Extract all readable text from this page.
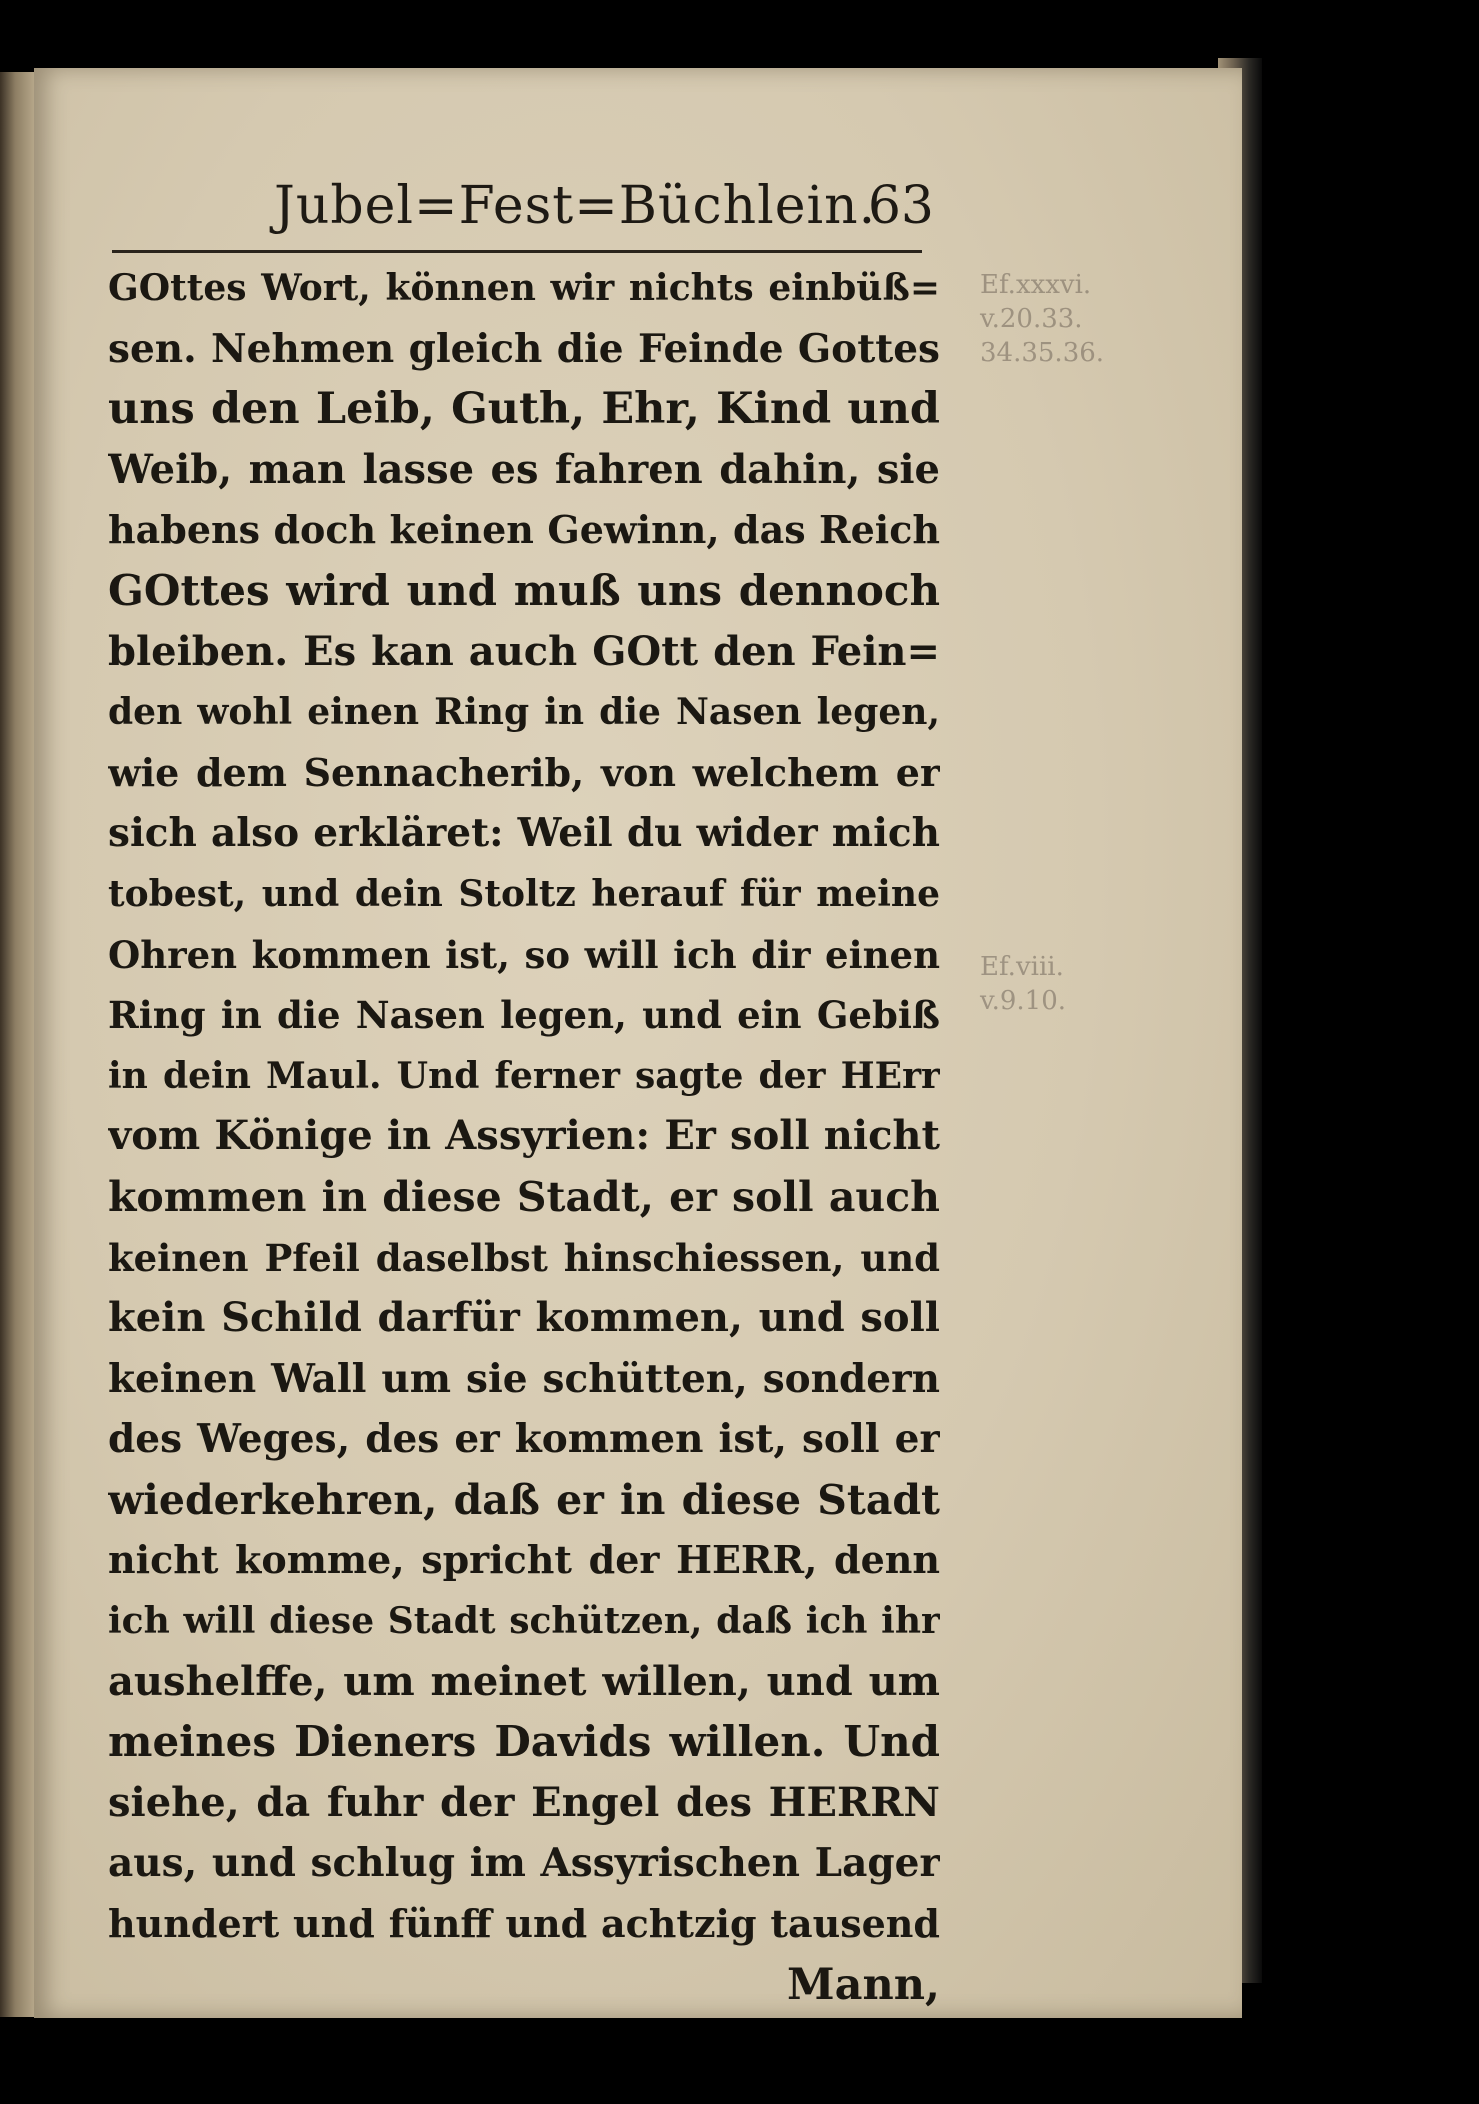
Jubel=Fest=Büchlein.
63
Ef.xxxvi.
v.20.33.
34.35.36.
Ef.viii.
v.9.10.
GOttes Wort, können wir nichts einbüß=
sen. Nehmen gleich die Feinde Gottes
uns den Leib, Guth, Ehr, Kind und
Weib, man lasse es fahren dahin, sie
habens doch keinen Gewinn, das Reich
GOttes wird und muß uns dennoch
bleiben. Es kan auch GOtt den Fein=
den wohl einen Ring in die Nasen legen,
wie dem Sennacherib, von welchem er
sich also erkläret: Weil du wider mich
tobest, und dein Stoltz herauf für meine
Ohren kommen ist, so will ich dir einen
Ring in die Nasen legen, und ein Gebiß
in dein Maul. Und ferner sagte der HErr
vom Könige in Assyrien: Er soll nicht
kommen in diese Stadt, er soll auch
keinen Pfeil daselbst hinschiessen, und
kein Schild darfür kommen, und soll
keinen Wall um sie schütten, sondern
des Weges, des er kommen ist, soll er
wiederkehren, daß er in diese Stadt
nicht komme, spricht der HERR, denn
ich will diese Stadt schützen, daß ich ihr
aushelffe, um meinet willen, und um
meines Dieners Davids willen. Und
siehe, da fuhr der Engel des HERRN
aus, und schlug im Assyrischen Lager
hundert und fünff und achtzig tausend
Mann,
